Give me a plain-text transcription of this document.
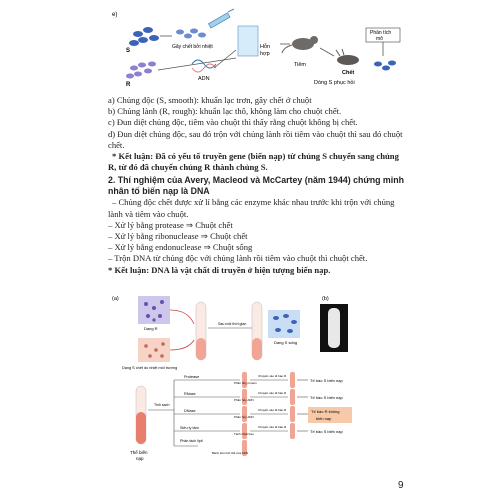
e)
S
R
Gây chết bởi nhiệt
ADN
Hỗn
hợp
Tiêm
Chết
Phân tích
mô
Dòng S phục hồi

a) Chủng độc (S, smooth): khuẩn lạc trơn, gây chết ở chuột

b) Chủng lành (R, rough): khuẩn lạc thô, không làm cho chuột chết.

c) Đun diệt chủng độc, tiêm vào chuột thì thấy rằng chuột không bị chết.

d) Đun diệt chủng độc, sau đó trộn với chủng lành rồi tiêm vào chuột thì sau đó chuột chết.

* Kết luận: Đã có yếu tố truyền gene (biến nạp) từ chủng S chuyển sang chủng R, từ đó đã chuyển chủng R thành chủng S.

2. Thí nghiệm của Avery, Macleod và McCartey (năm 1944) chứng minh nhân tố biến nạp là DNA

– Chủng độc chết được xử lí bằng các enzyme khác nhau trước khi trộn với chủng lành và tiêm vào chuột.

– Xử lý bằng protease ⇒ Chuột chết

– Xử lý bằng ribonuclease ⇒ Chuột chết

– Xử lý bằng endonuclease ⇒ Chuột sống

– Trộn DNA từ chủng độc với chủng lành rồi tiêm vào chuột thì chuột chết.

* Kết luận: DNA là vật chất di truyền ở hiện tượng biến nạp.

(a)	(b)
Dạng R
Dạng S chết do nhiệt môi trường
Sau một thời gian
Dạng S sống
Thể biến
nạp
Tinh sạch
Protease
RNase
DNase
Siêu ly tâm
Phân tách lipit
Phân hủy protein
Phân hủy ARN
Phân hủy ADN
Tách chiết bao
Bánh tiêu tinh thể cua ADN
Chuyển vào tế bào R
Chuyển vào tế bào R
Chuyển vào tế bào R
Chuyển vào tế bào R
Tế bào S biến nạp
Tế bào S biến nạp
Tế bào R không
biến nạp
Tế bào S biến nạp
9
